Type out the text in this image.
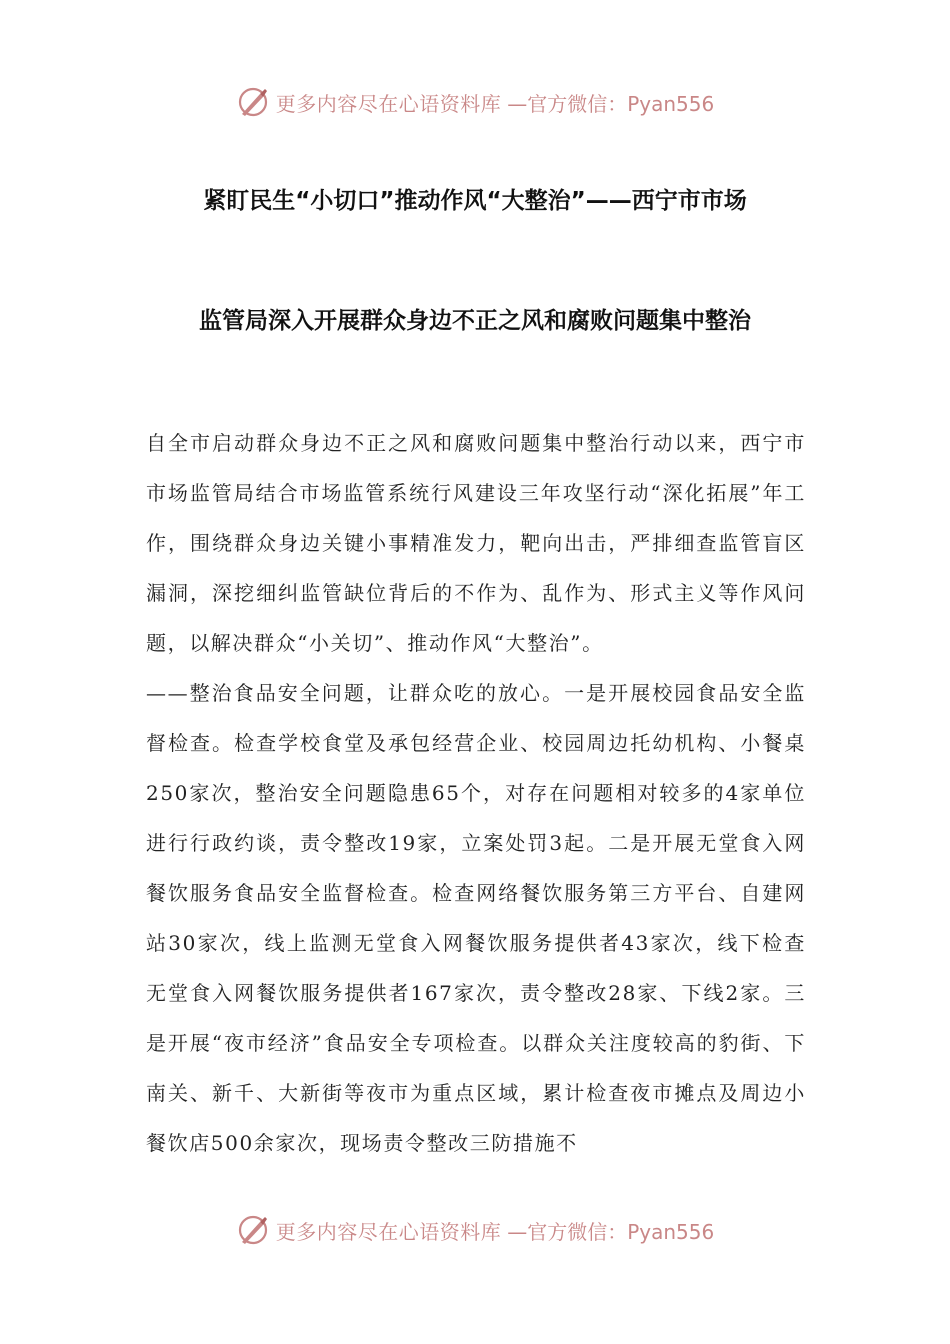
更多内容尽在心语资料库 —官方微信：Pyan556
紧盯民生“小切口”推动作风“大整治”——西宁市市场
监管局深入开展群众身边不正之风和腐败问题集中整治

自全市启动群众身边不正之风和腐败问题集中整治行动以来，西宁市市场监管局结合市场监管系统行风建设三年攻坚行动“深化拓展”年工作，围绕群众身边关键小事精准发力，靶向出击，严排细查监管盲区漏洞，深挖细纠监管缺位背后的不作为、乱作为、形式主义等作风问题，以解决群众“小关切”、推动作风“大整治”。

——整治食品安全问题，让群众吃的放心。一是开展校园食品安全监督检查。检查学校食堂及承包经营企业、校园周边托幼机构、小餐桌250家次，整治安全问题隐患65个，对存在问题相对较多的4家单位进行行政约谈，责令整改19家，立案处罚3起。二是开展无堂食入网餐饮服务食品安全监督检查。检查网络餐饮服务第三方平台、自建网站30家次，线上监测无堂食入网餐饮服务提供者43家次，线下检查无堂食入网餐饮服务提供者167家次，责令整改28家、下线2家。三是开展“夜市经济”食品安全专项检查。以群众关注度较高的豹街、下南关、新千、大新街等夜市为重点区域，累计检查夜市摊点及周边小餐饮店500余家次，现场责令整改三防措施不

更多内容尽在心语资料库 —官方微信：Pyan556
